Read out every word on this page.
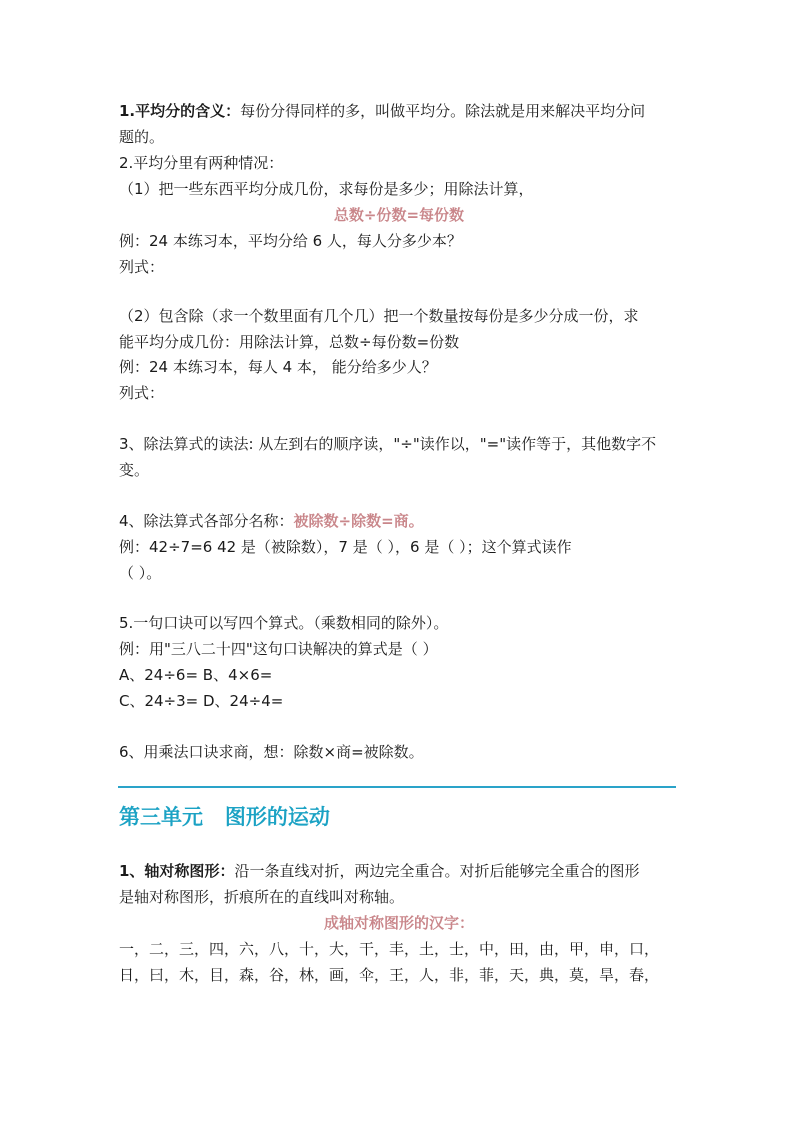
1.平均分的含义：每份分得同样的多，叫做平均分。除法就是用来解决平均分问
题的。
2.平均分里有两种情况：
（1）把一些东西平均分成几份，求每份是多少；用除法计算，
总数÷份数=每份数
例：24 本练习本，平均分给 6 人，每人分多少本？
列式：
（2）包含除（求一个数里面有几个几）把一个数量按每份是多少分成一份，求
能平均分成几份：用除法计算，总数÷每份数=份数
例：24 本练习本，每人 4 本， 能分给多少人？
列式：
3、除法算式的读法: 从左到右的顺序读，"÷"读作以，"="读作等于，其他数字不
变。
4、除法算式各部分名称：被除数÷除数=商。
例：42÷7=6 42 是（被除数），7 是（ ），6 是（ ）；这个算式读作
（ ）。
5.一句口诀可以写四个算式。（乘数相同的除外）。
例：用"三八二十四"这句口诀解决的算式是（ ）
A、24÷6= B、4×6=
C、24÷3= D、24÷4=
6、用乘法口诀求商，想：除数×商=被除数。
第三单元   图形的运动
1、轴对称图形：沿一条直线对折，两边完全重合。对折后能够完全重合的图形
是轴对称图形，折痕所在的直线叫对称轴。
成轴对称图形的汉字：
一，二，三，四，六，八，十，大，干，丰，土，士，中，田，由，甲，申，口，
日，曰，木，目，森，谷，林，画，伞，王，人，非，菲，天，典，莫，旱，春，
